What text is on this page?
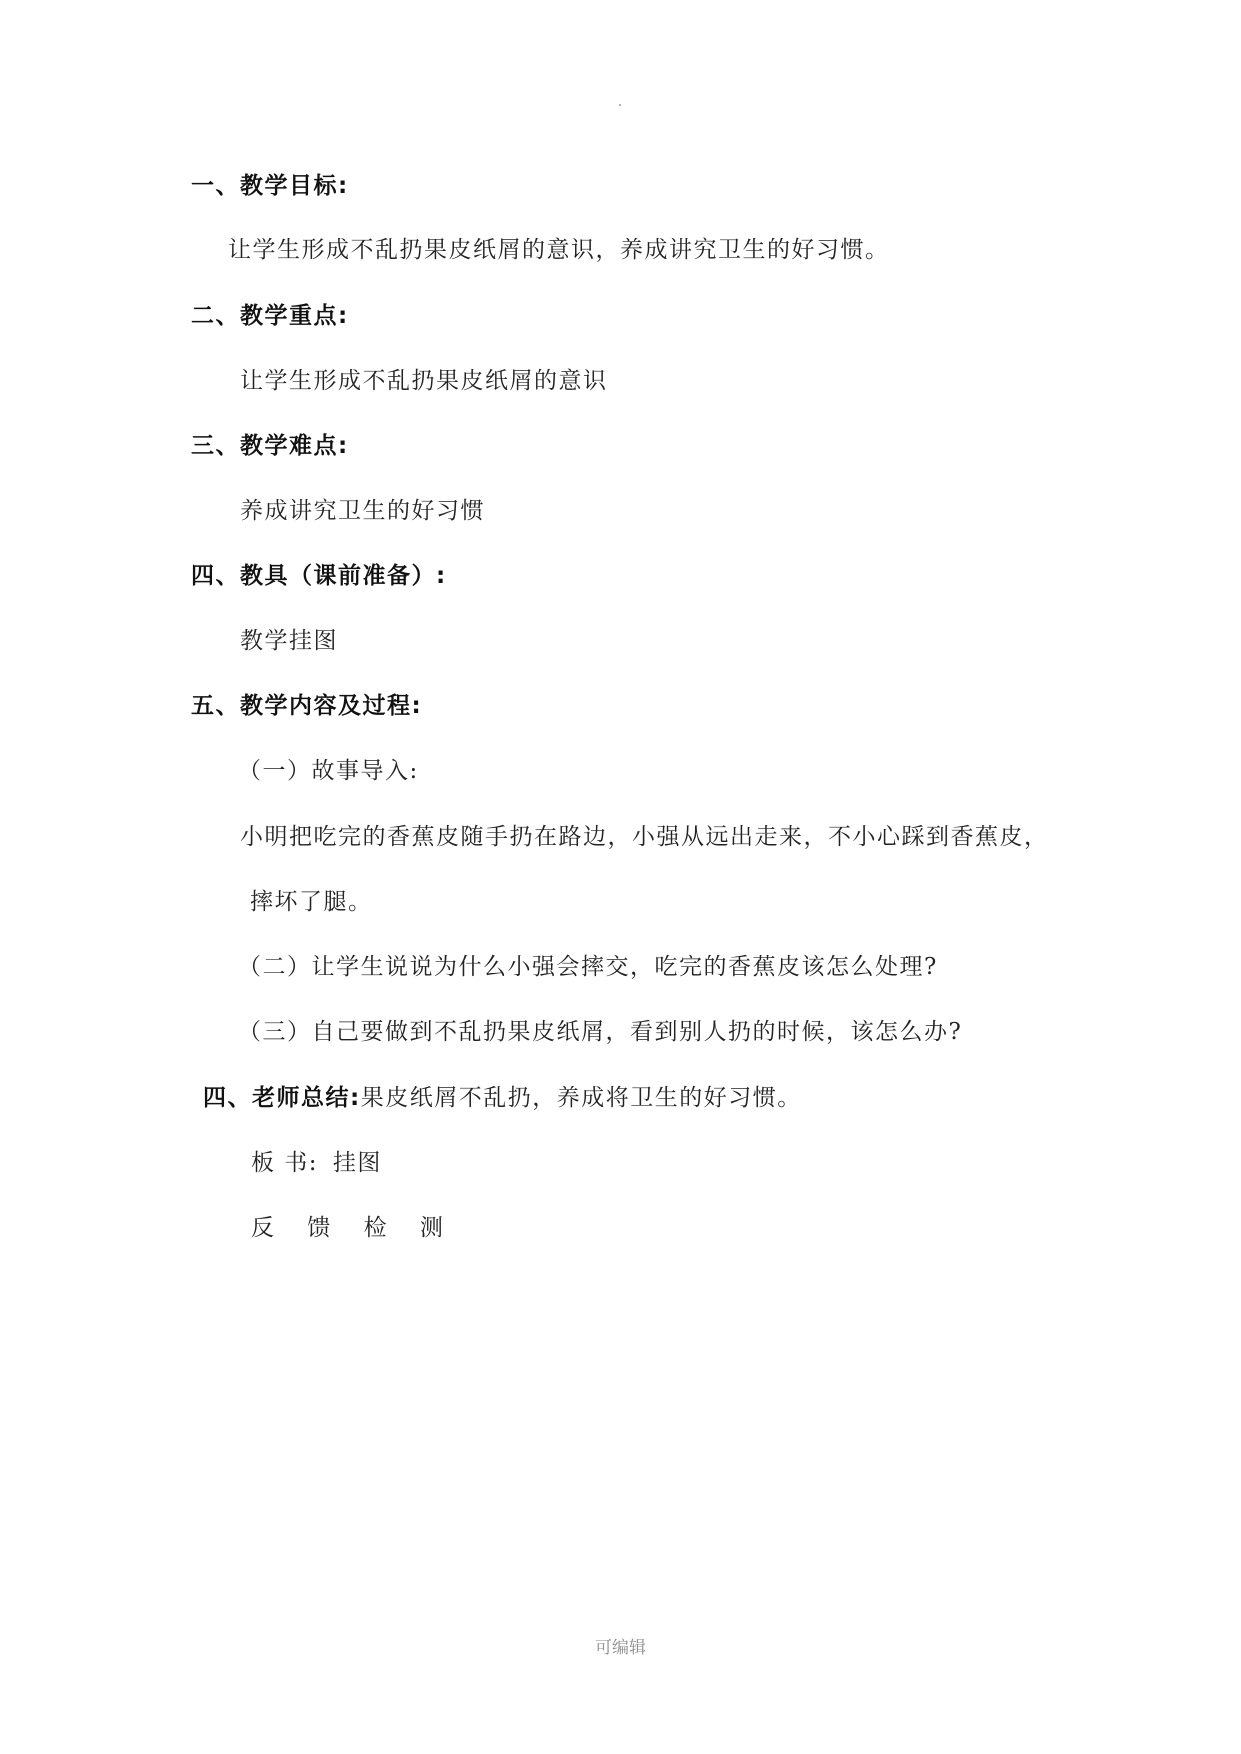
一、教学目标:
让学生形成不乱扔果皮纸屑的意识，养成讲究卫生的好习惯。
二、教学重点:
让学生形成不乱扔果皮纸屑的意识
三、教学难点:
养成讲究卫生的好习惯
四、教具（课前准备）:
教学挂图
五、教学内容及过程:
（一）故事导入:
小明把吃完的香蕉皮随手扔在路边，小强从远出走来，不小心踩到香蕉皮，
摔坏了腿。
（二）让学生说说为什么小强会摔交，吃完的香蕉皮该怎么处理?
（三）自己要做到不乱扔果皮纸屑，看到别人扔的时候，该怎么办?
四、老师总结:果皮纸屑不乱扔，养成将卫生的好习惯。
板 书: 挂图
反 馈 检 测
可编辑
